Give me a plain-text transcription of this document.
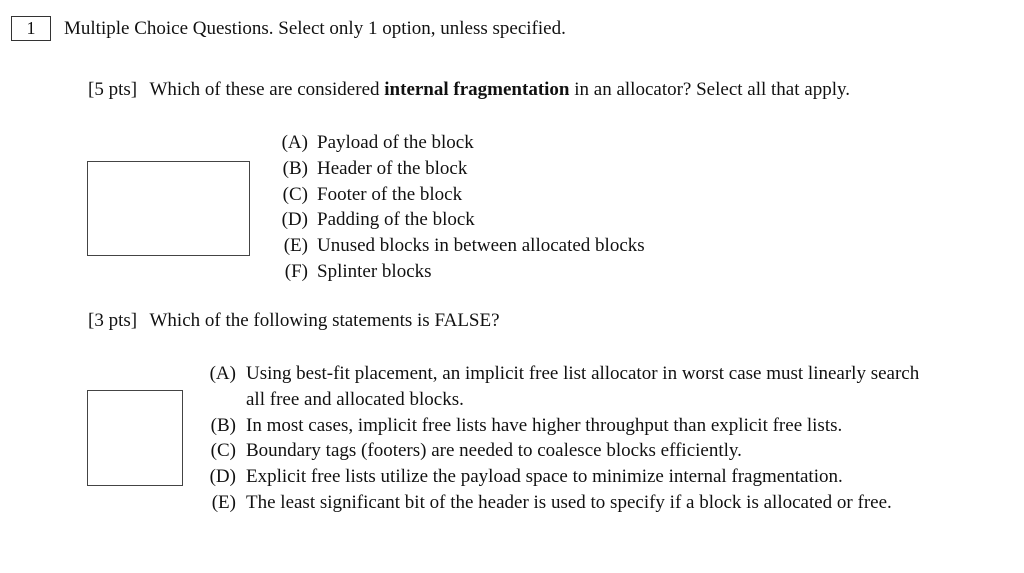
1	Multiple Choice Questions. Select only 1 option, unless specified.
[5 pts] Which of these are considered internal fragmentation in an allocator? Select all that apply.
(A) Payload of the block
(B) Header of the block
(C) Footer of the block
(D) Padding of the block
(E) Unused blocks in between allocated blocks
(F) Splinter blocks
[3 pts] Which of the following statements is FALSE?
(A) Using best-fit placement, an implicit free list allocator in worst case must linearly search all free and allocated blocks.
(B) In most cases, implicit free lists have higher throughput than explicit free lists.
(C) Boundary tags (footers) are needed to coalesce blocks efficiently.
(D) Explicit free lists utilize the payload space to minimize internal fragmentation.
(E) The least significant bit of the header is used to specify if a block is allocated or free.
